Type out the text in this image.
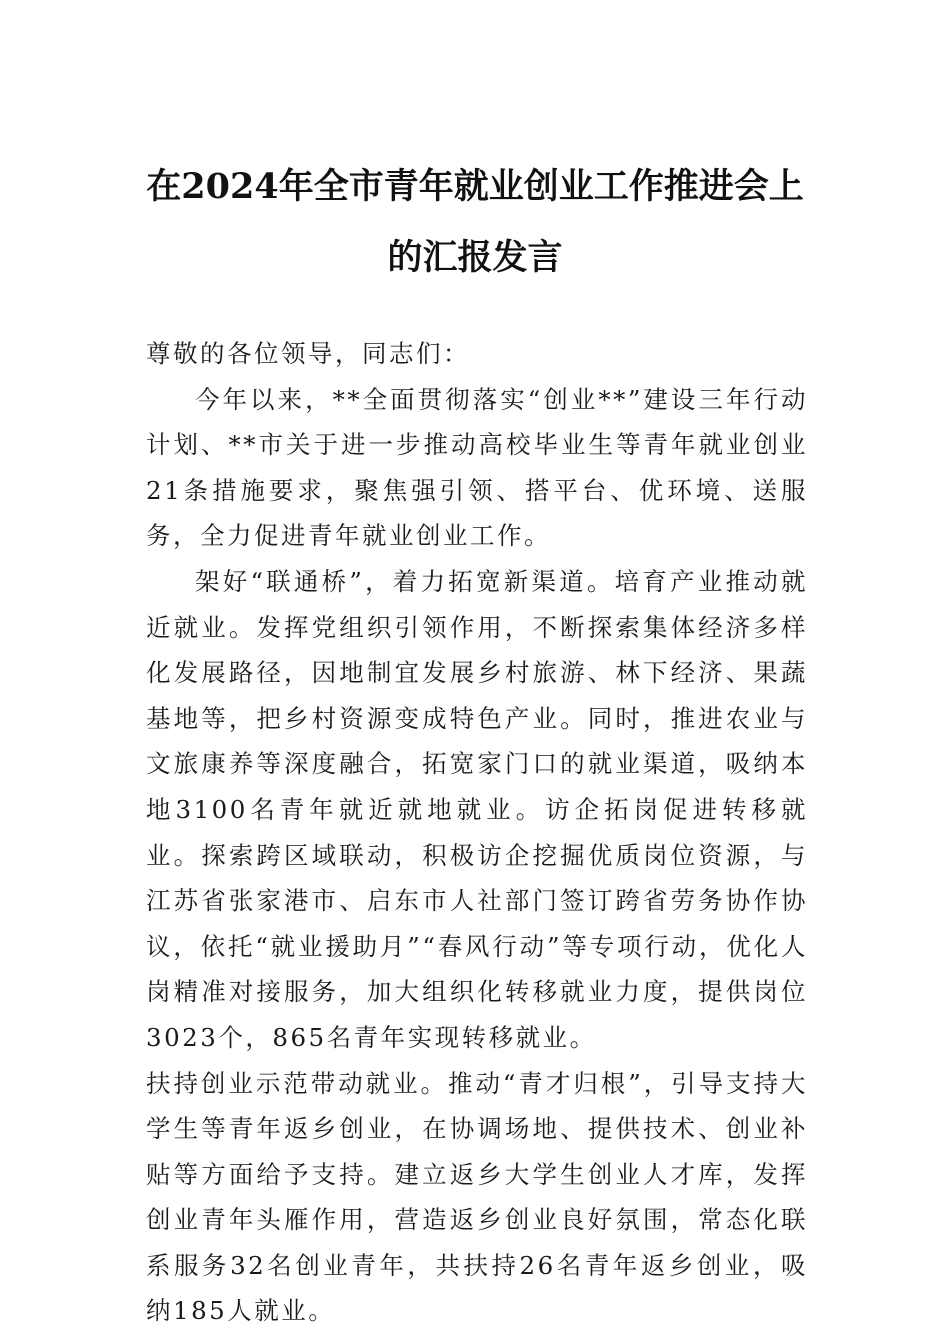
在2024年全市青年就业创业工作推进会上
的汇报发言

尊敬的各位领导，同志们：

今年以来，**全面贯彻落实“创业**”建设三年行动计划、**市关于进一步推动高校毕业生等青年就业创业21条措施要求，聚焦强引领、搭平台、优环境、送服务，全力促进青年就业创业工作。

架好“联通桥”，着力拓宽新渠道。培育产业推动就近就业。发挥党组织引领作用，不断探索集体经济多样化发展路径，因地制宜发展乡村旅游、林下经济、果蔬基地等，把乡村资源变成特色产业。同时，推进农业与文旅康养等深度融合，拓宽家门口的就业渠道，吸纳本地3100名青年就近就地就业。访企拓岗促进转移就业。探索跨区域联动，积极访企挖掘优质岗位资源，与江苏省张家港市、启东市人社部门签订跨省劳务协作协议，依托“就业援助月”“春风行动”等专项行动，优化人岗精准对接服务，加大组织化转移就业力度，提供岗位3023个，865名青年实现转移就业。

扶持创业示范带动就业。推动“青才归根”，引导支持大学生等青年返乡创业，在协调场地、提供技术、创业补贴等方面给予支持。建立返乡大学生创业人才库，发挥创业青年头雁作用，营造返乡创业良好氛围，常态化联系服务32名创业青年，共扶持26名青年返乡创业，吸纳185人就业。
